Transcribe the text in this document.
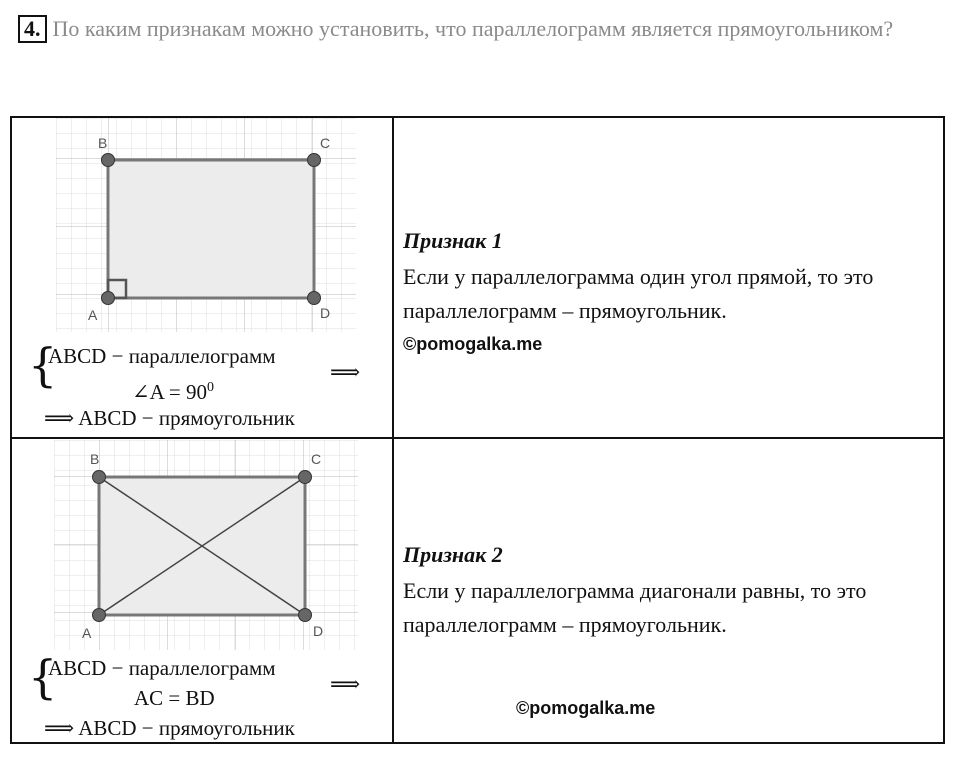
4. По каким признакам можно установить, что параллелограмм является прямоугольником?
B	C
A	D
{
ABCD − параллелограмм
∠A = $90^0$
⟹
⟹ ABCD − прямоугольник
Признак 1
Если у параллелограмма один угол прямой, то это параллелограмм – прямоугольник.
©pomogalka.me
B	C
A	D
{
ABCD − параллелограмм
AC = BD
⟹
⟹ ABCD − прямоугольник
Признак 2
Если у параллелограмма диагонали равны, то это параллелограмм – прямоугольник.
©pomogalka.me
